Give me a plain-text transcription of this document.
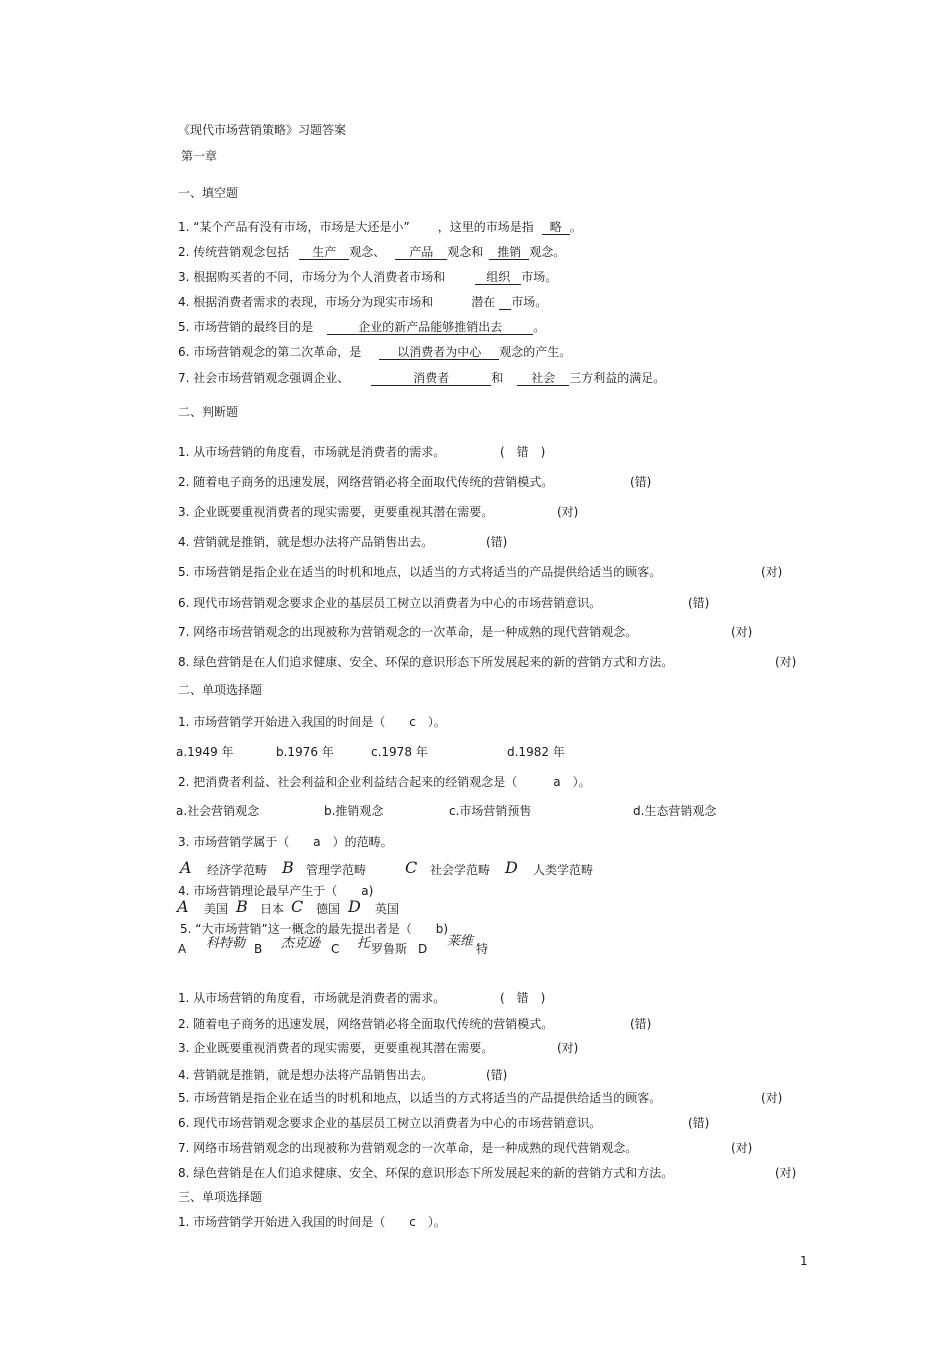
《现代市场营销策略》习题答案
第一章
一、填空题
1. “某个产品有没有市场，市场是大还是小” ，这里的市场是指 略 。
2. 传统营销观念包括 生产 观念、 产品 观念和 推销 观念。
3. 根据购买者的不同，市场分为个人消费者市场和	组织 市场。
4. 根据消费者需求的表现，市场分为现实市场和	潜在 市场。
5. 市场营销的最终目的是	企业的新产品能够推销出去	。
6. 市场营销观念的第二次革命，是	以消费者为中心 观念的产生。
7. 社会市场营销观念强调企业、	消费者	和 社会 三方利益的满足。
二、判断题
1. 从市场营销的角度看，市场就是消费者的需求。	(　错　)
2. 随着电子商务的迅速发展，网络营销必将全面取代传统的营销模式。	(错)
3. 企业既要重视消费者的现实需要，更要重视其潜在需要。	(对)
4. 营销就是推销，就是想办法将产品销售出去。	(错)
5. 市场营销是指企业在适当的时机和地点，以适当的方式将适当的产品提供给适当的顾客。	(对)
6. 现代市场营销观念要求企业的基层员工树立以消费者为中心的市场营销意识。	(错)
7. 网络市场营销观念的出现被称为营销观念的一次革命，是一种成熟的现代营销观念。	(对)
8. 绿色营销是在人们追求健康、安全、环保的意识形态下所发展起来的新的营销方式和方法。	(对)
二、单项选择题
1. 市场营销学开始进入我国的时间是（　　c　）。
a.1949 年	b.1976 年	c.1978 年	d.1982 年
2. 把消费者利益、社会利益和企业利益结合起来的经销观念是（　　　a　）。
a.社会营销观念	b.推销观念	c.市场营销预售	d.生态营销观念
3. 市场营销学属于（　　a　）的范畴。
A 经济学范畴 B 管理学范畴 C 社会学范畴 D 人类学范畴
4. 市场营销理论最早产生于（　　a)
A 美国 B 日本 C 德国 D 英国
5. “大市场营销”这一概念的最先提出者是（　　b)
A 科特勒 B 杰克逊 C 托 罗鲁斯 D 莱维 特
1. 从市场营销的角度看，市场就是消费者的需求。	(　错　)
2. 随着电子商务的迅速发展，网络营销必将全面取代传统的营销模式。	(错)
3. 企业既要重视消费者的现实需要，更要重视其潜在需要。	(对)
4. 营销就是推销，就是想办法将产品销售出去。	(错)
5. 市场营销是指企业在适当的时机和地点，以适当的方式将适当的产品提供给适当的顾客。	(对)
6. 现代市场营销观念要求企业的基层员工树立以消费者为中心的市场营销意识。	(错)
7. 网络市场营销观念的出现被称为营销观念的一次革命，是一种成熟的现代营销观念。	(对)
8. 绿色营销是在人们追求健康、安全、环保的意识形态下所发展起来的新的营销方式和方法。	(对)
三、单项选择题
1. 市场营销学开始进入我国的时间是（　　c　）。
1
